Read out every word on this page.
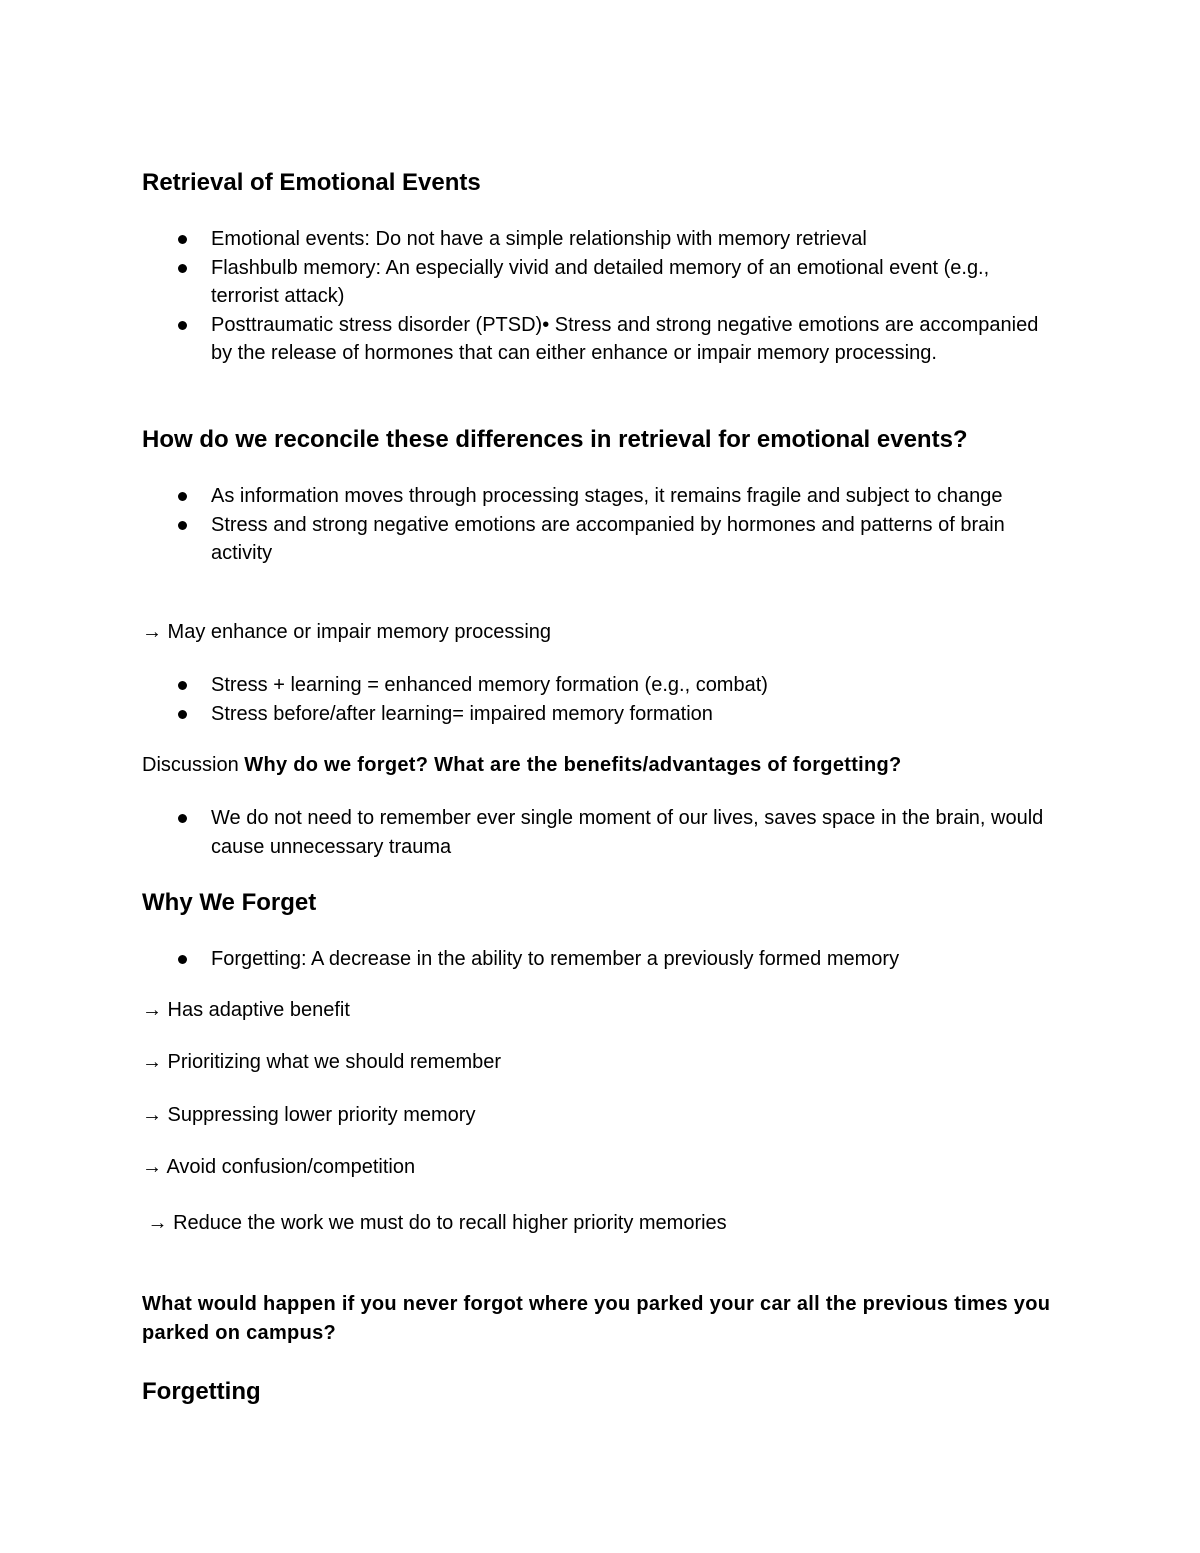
Retrieval of Emotional Events
Emotional events: Do not have a simple relationship with memory retrieval
Flashbulb memory: An especially vivid and detailed memory of an emotional event (e.g., terrorist attack)
Posttraumatic stress disorder (PTSD)• Stress and strong negative emotions are accompanied by the release of hormones that can either enhance or impair memory processing.
How do we reconcile these differences in retrieval for emotional events?
As information moves through processing stages, it remains fragile and subject to change
Stress and strong negative emotions are accompanied by hormones and patterns of brain activity

→ May enhance or impair memory processing

Stress + learning = enhanced memory formation (e.g., combat)
Stress before/after learning= impaired memory formation

Discussion Why do we forget? What are the benefits/advantages of forgetting?

We do not need to remember ever single moment of our lives, saves space in the brain, would cause unnecessary trauma
Why We Forget
Forgetting: A decrease in the ability to remember a previously formed memory

→ Has adaptive benefit

→ Prioritizing what we should remember

→ Suppressing lower priority memory

→ Avoid confusion/competition

→ Reduce the work we must do to recall higher priority memories

What would happen if you never forgot where you parked your car all the previous times you parked on campus?

Forgetting
